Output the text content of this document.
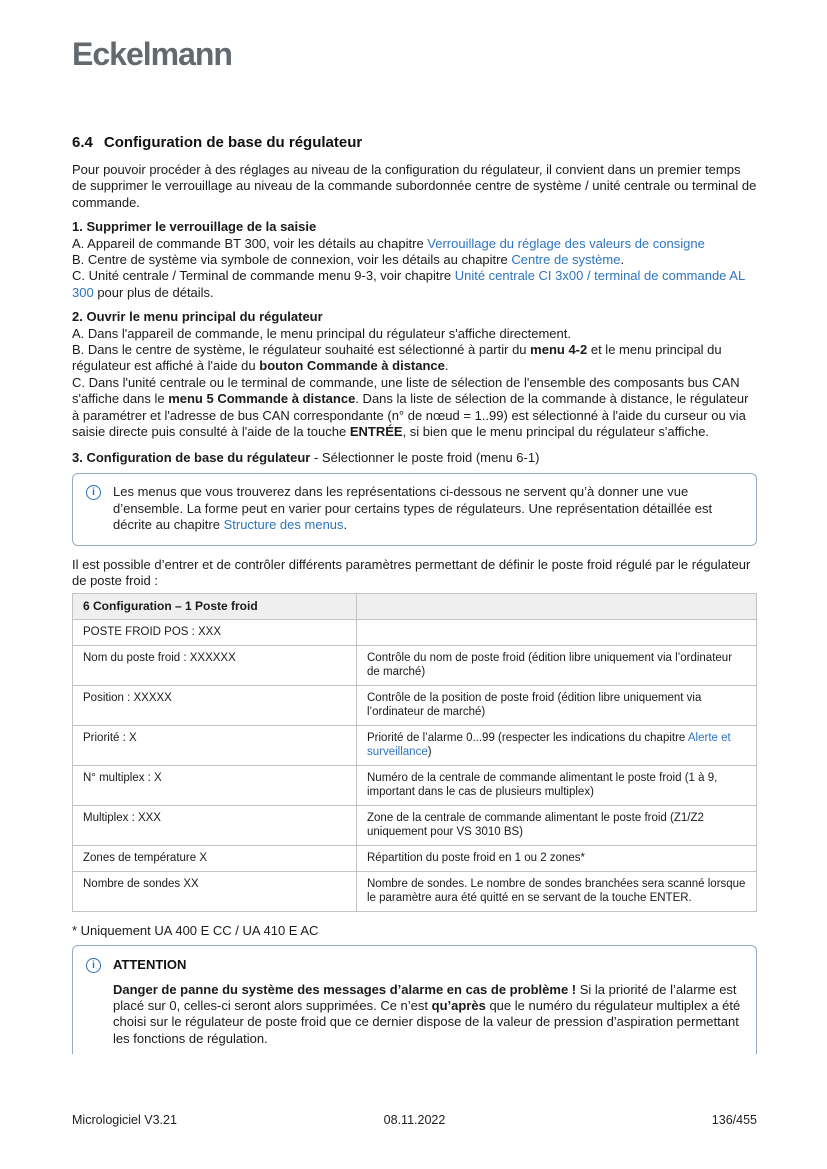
Eckelmann
6.4 Configuration de base du régulateur

Pour pouvoir procéder à des réglages au niveau de la configuration du régulateur, il convient dans un premier temps de supprimer le verrouillage au niveau de la commande subordonnée centre de système / unité centrale ou terminal de commande.

1. Supprimer le verrouillage de la saisie
A. Appareil de commande BT 300, voir les détails au chapitre Verrouillage du réglage des valeurs de consigne
B. Centre de système via symbole de connexion, voir les détails au chapitre Centre de système.
C. Unité centrale / Terminal de commande menu 9-3, voir chapitre Unité centrale CI 3x00 / terminal de commande AL 300 pour plus de détails.
2. Ouvrir le menu principal du régulateur
A. Dans l'appareil de commande, le menu principal du régulateur s'affiche directement.
B. Dans le centre de système, le régulateur souhaité est sélectionné à partir du menu 4-2 et le menu principal du régulateur est affiché à l'aide du bouton Commande à distance.
C. Dans l'unité centrale ou le terminal de commande, une liste de sélection de l'ensemble des composants bus CAN s'affiche dans le menu 5 Commande à distance. Dans la liste de sélection de la commande à distance, le régulateur à paramétrer et l'adresse de bus CAN correspondante (n° de nœud = 1..99) est sélectionné à l'aide du curseur ou via saisie directe puis consulté à l'aide de la touche ENTRÉE, si bien que le menu principal du régulateur s'affiche.
3. Configuration de base du régulateur - Sélectionner le poste froid (menu 6-1)
i	Les menus que vous trouverez dans les représentations ci-dessous ne servent qu’à donner une vue d’ensemble. La forme peut en varier pour certains types de régulateurs. Une représentation détaillée est décrite au chapitre Structure des menus.

Il est possible d’entrer et de contrôler différents paramètres permettant de définir le poste froid régulé par le régulateur de poste froid :

6 Configuration – 1 Poste froid	
POSTE FROID POS : XXX	
Nom du poste froid : XXXXXX	Contrôle du nom de poste froid (édition libre uniquement via l’ordinateur de marché)
Position : XXXXX	Contrôle de la position de poste froid (édition libre uniquement via l’ordinateur de marché)
Priorité : X	Priorité de l’alarme 0...99 (respecter les indications du chapitre Alerte et surveillance)
N° multiplex : X	Numéro de la centrale de commande alimentant le poste froid (1 à 9, important dans le cas de plusieurs multiplex)
Multiplex : XXX	Zone de la centrale de commande alimentant le poste froid (Z1/Z2 uniquement pour VS 3010 BS)
Zones de température X	Répartition du poste froid en 1 ou 2 zones*
Nombre de sondes XX	Nombre de sondes. Le nombre de sondes branchées sera scanné lorsque le paramètre aura été quitté en se servant de la touche ENTER.
* Uniquement UA 400 E CC / UA 410 E AC
i	ATTENTION
Danger de panne du système des messages d’alarme en cas de problème ! Si la priorité de l’alarme est placé sur 0, celles-ci seront alors supprimées. Ce n’est qu’après que le numéro du régulateur multiplex a été choisi sur le régulateur de poste froid que ce dernier dispose de la valeur de pression d’aspiration permettant les fonctions de régulation.
Micrologiciel V3.21	08.11.2022	136/455
